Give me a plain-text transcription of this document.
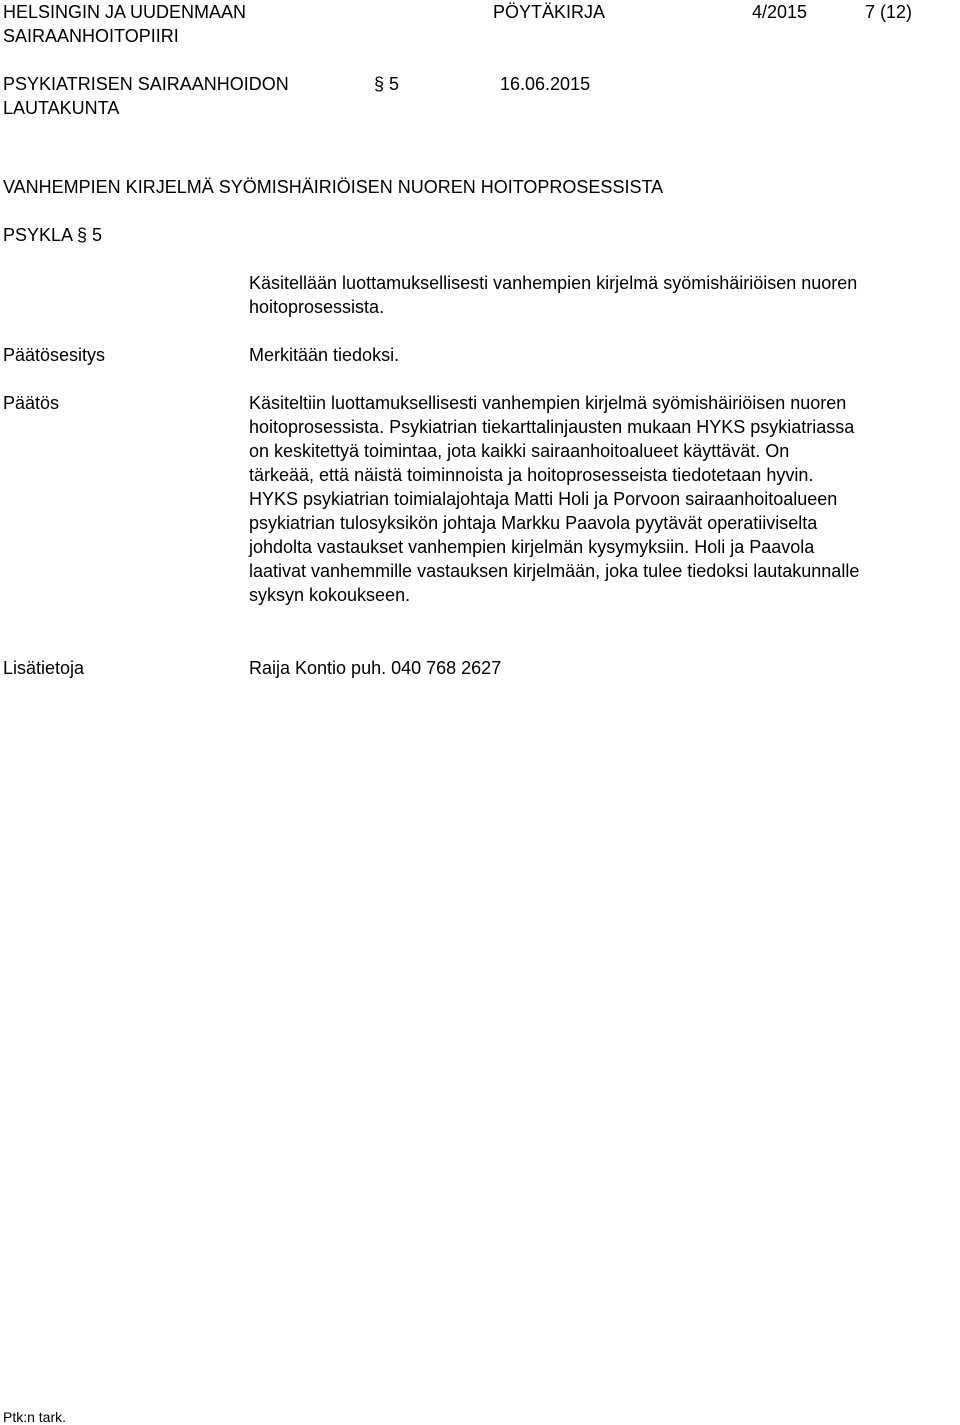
HELSINGIN JA UUDENMAAN
SAIRAANHOITOPIIRI
PÖYTÄKIRJA	4/2015	7 (12)
PSYKIATRISEN SAIRAANHOIDON
LAUTAKUNTA
§ 5	16.06.2015
VANHEMPIEN KIRJELMÄ SYÖMISHÄIRIÖISEN NUOREN HOITOPROSESSISTA
PSYKLA § 5
Käsitellään luottamuksellisesti vanhempien kirjelmä syömishäiriöisen nuoren
hoitoprosessista.
Päätösesitys	Merkitään tiedoksi.
Päätös	Käsiteltiin luottamuksellisesti vanhempien kirjelmä syömishäiriöisen nuoren
hoitoprosessista. Psykiatrian tiekarttalinjausten mukaan HYKS psykiatriassa
on keskitettyä toimintaa, jota kaikki sairaanhoitoalueet käyttävät. On
tärkeää, että näistä toiminnoista ja hoitoprosesseista tiedotetaan hyvin.
HYKS psykiatrian toimialajohtaja Matti Holi ja Porvoon sairaanhoitoalueen
psykiatrian tulosyksikön johtaja Markku Paavola pyytävät operatiiviselta
johdolta vastaukset vanhempien kirjelmän kysymyksiin. Holi ja Paavola
laativat vanhemmille vastauksen kirjelmään, joka tulee tiedoksi lautakunnalle
syksyn kokoukseen.
Lisätietoja	Raija Kontio puh. 040 768 2627
Ptk:n tark.
